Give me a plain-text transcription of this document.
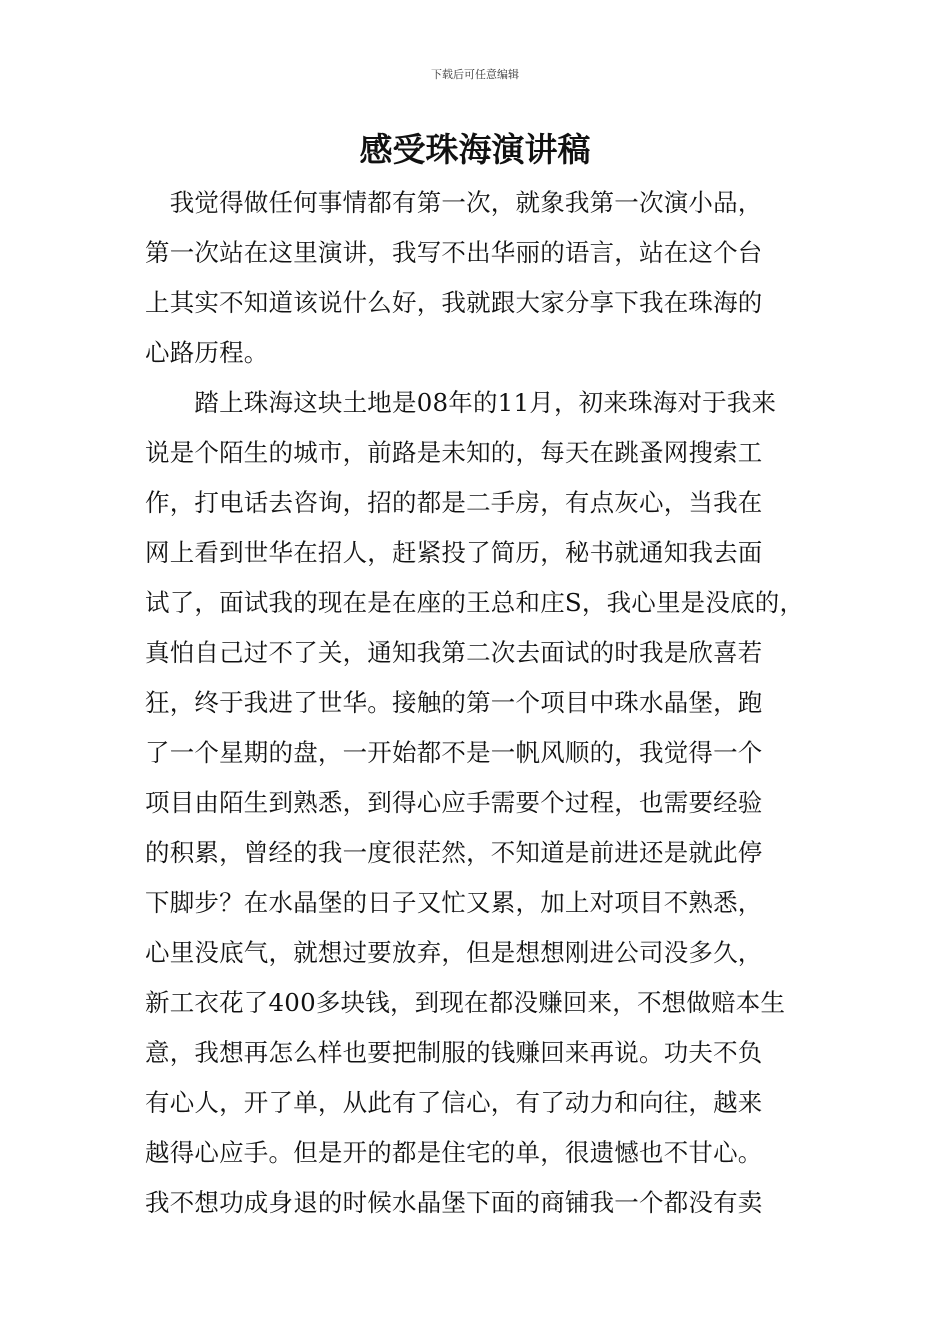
下载后可任意编辑
感受珠海演讲稿
　我觉得做任何事情都有第一次，就象我第一次演小品，
第一次站在这里演讲，我写不出华丽的语言，站在这个台
上其实不知道该说什么好，我就跟大家分享下我在珠海的
心路历程。
　　踏上珠海这块土地是08年的11月，初来珠海对于我来
说是个陌生的城市，前路是未知的，每天在跳蚤网搜索工
作，打电话去咨询，招的都是二手房，有点灰心，当我在
网上看到世华在招人，赶紧投了简历，秘书就通知我去面
试了，面试我的现在是在座的王总和庄S，我心里是没底的，
真怕自己过不了关，通知我第二次去面试的时我是欣喜若
狂，终于我进了世华。接触的第一个项目中珠水晶堡，跑
了一个星期的盘，一开始都不是一帆风顺的，我觉得一个
项目由陌生到熟悉，到得心应手需要个过程，也需要经验
的积累，曾经的我一度很茫然，不知道是前进还是就此停
下脚步？在水晶堡的日子又忙又累，加上对项目不熟悉，
心里没底气，就想过要放弃，但是想想刚进公司没多久，
新工衣花了400多块钱，到现在都没赚回来，不想做赔本生
意，我想再怎么样也要把制服的钱赚回来再说。功夫不负
有心人，开了单，从此有了信心，有了动力和向往，越来
越得心应手。但是开的都是住宅的单，很遗憾也不甘心。
我不想功成身退的时候水晶堡下面的商铺我一个都没有卖
